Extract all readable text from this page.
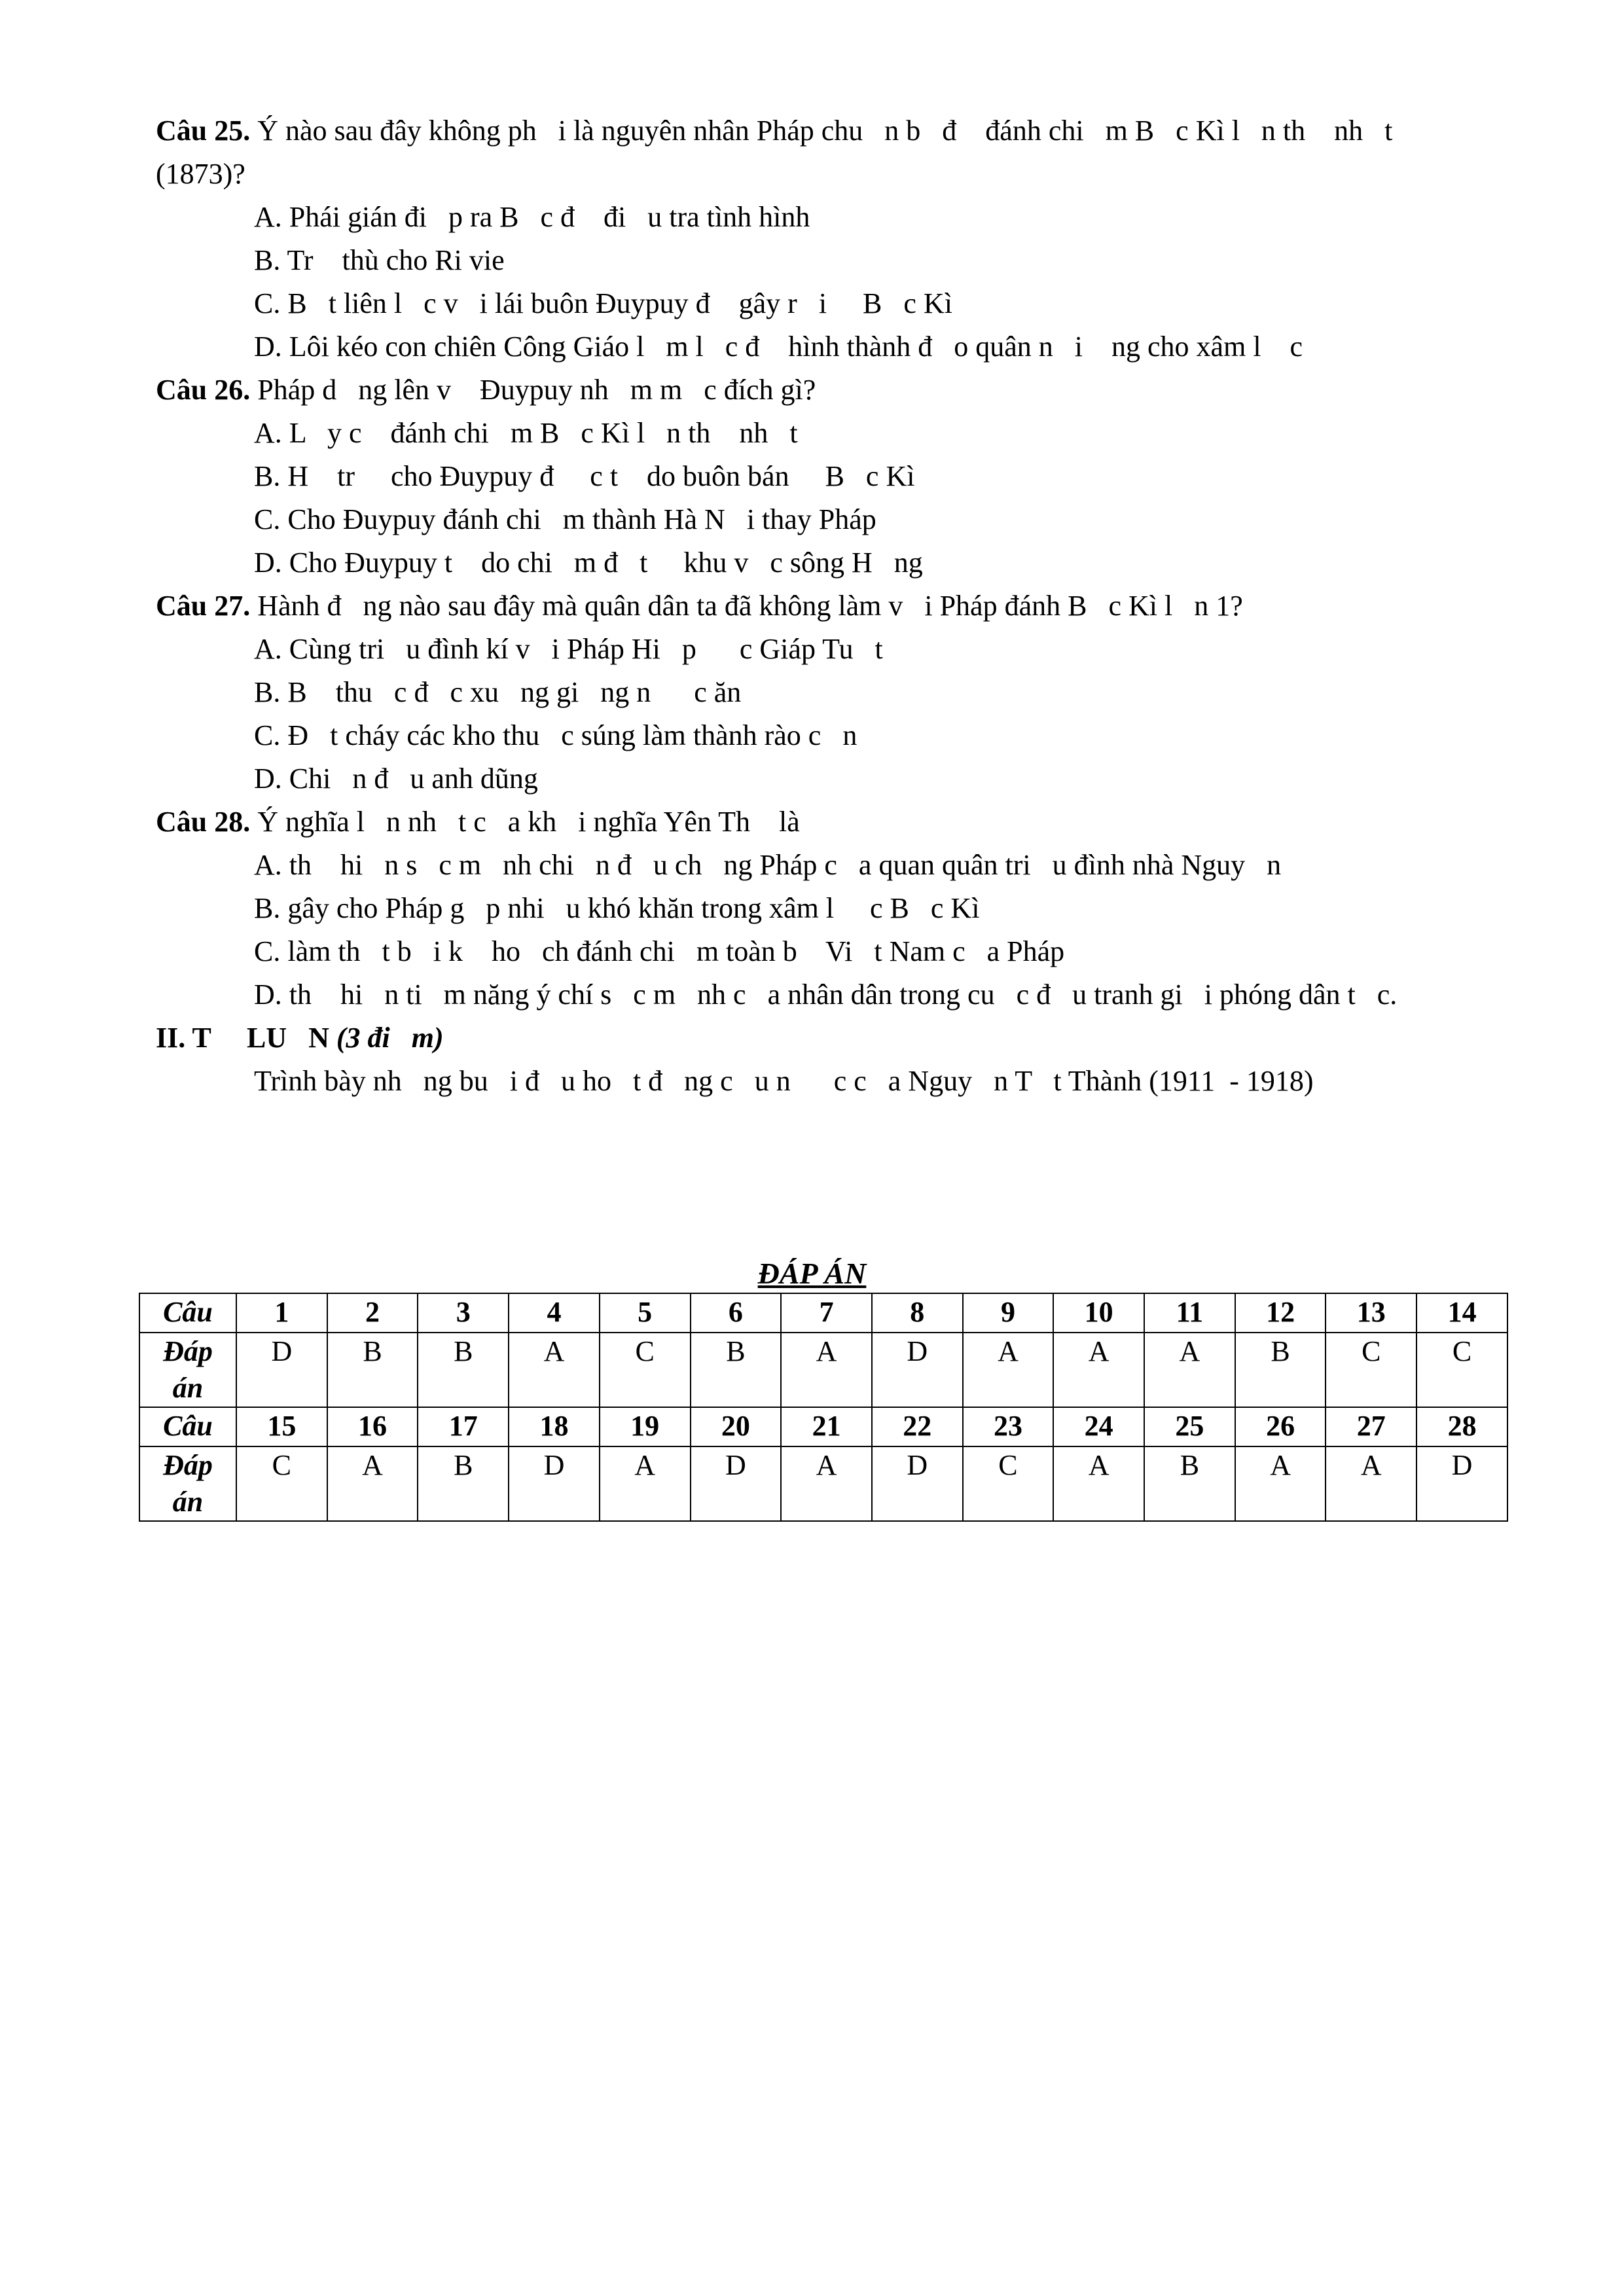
Câu 25. Ý nào sau đây không ph   i là nguyên nhân Pháp chu   n b   đ    đánh chi   m B   c Kì l   n th    nh   t
(1873)?
A. Phái gián đi   p ra B   c đ    đi   u tra tình hình
B. Tr    thù cho Ri vie
C. B   t liên l   c v   i lái buôn Đuypuy đ    gây r   i     B   c Kì
D. Lôi kéo con chiên Công Giáo l   m l   c đ    hình thành đ   o quân n   i    ng cho xâm l    c
Câu 26. Pháp d   ng lên v    Đuypuy nh   m m   c đích gì?
A. L   y c    đánh chi   m B   c Kì l   n th    nh   t
B. H    tr     cho Đuypuy đ     c t    do buôn bán     B   c Kì
C. Cho Đuypuy đánh chi   m thành Hà N   i thay Pháp
D. Cho Đuypuy t    do chi   m đ   t     khu v   c sông H   ng
Câu 27. Hành đ   ng nào sau đây mà quân dân ta đã không làm v   i Pháp đánh B   c Kì l   n 1?
A. Cùng tri   u đình kí v   i Pháp Hi   p      c Giáp Tu   t
B. B    thu   c đ   c xu   ng gi   ng n      c ăn
C. Đ   t cháy các kho thu   c súng làm thành rào c   n
D. Chi   n đ   u anh dũng
Câu 28. Ý nghĩa l   n nh   t c   a kh   i nghĩa Yên Th    là
A. th    hi   n s   c m   nh chi   n đ   u ch   ng Pháp c   a quan quân tri   u đình nhà Nguy   n
B. gây cho Pháp g   p nhi   u khó khăn trong xâm l     c B   c Kì
C. làm th   t b   i k    ho   ch đánh chi   m toàn b    Vi   t Nam c   a Pháp
D. th    hi   n ti   m năng ý chí s   c m   nh c   a nhân dân trong cu   c đ   u tranh gi   i phóng dân t   c.
II. T     LU   N (3 đi   m)
Trình bày nh   ng bu   i đ   u ho   t đ   ng c   u n      c c   a Nguy   n T   t Thành (1911  - 1918)
ĐÁP ÁN
Câu	1	2	3	4	5	6	7	8	9	10	11	12	13	14
Đáp
án	D	B	B	A	C	B	A	D	A	A	A	B	C	C
Câu	15	16	17	18	19	20	21	22	23	24	25	26	27	28
Đáp
án	C	A	B	D	A	D	A	D	C	A	B	A	A	D
